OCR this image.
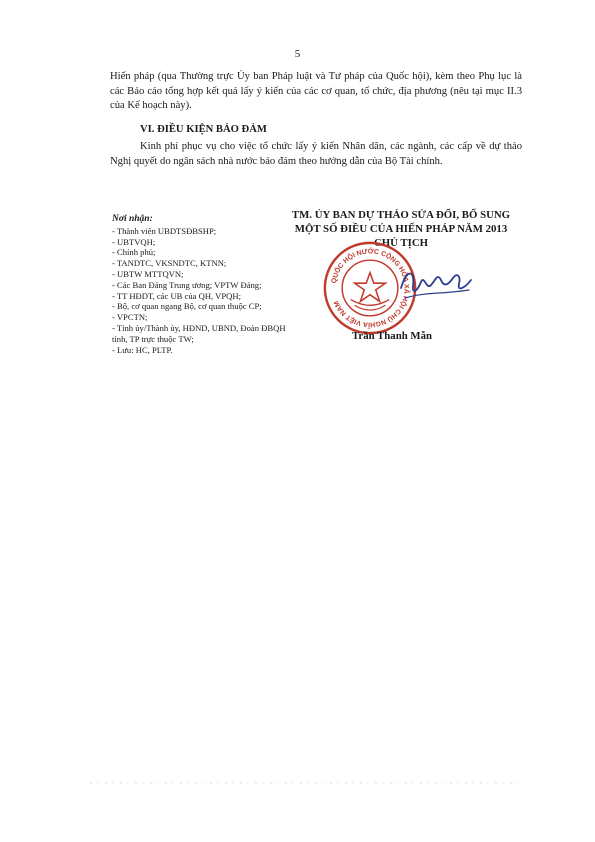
5
Hiến pháp (qua Thường trực Ủy ban Pháp luật và Tư pháp của Quốc hội), kèm theo Phụ lục là các Báo cáo tổng hợp kết quả lấy ý kiến của các cơ quan, tổ chức, địa phương (nêu tại mục II.3 của Kế hoạch này).
VI. ĐIỀU KIỆN BẢO ĐẢM
Kinh phí phục vụ cho việc tổ chức lấy ý kiến Nhân dân, các ngành, các cấp về dự thảo Nghị quyết do ngân sách nhà nước bảo đảm theo hướng dẫn của Bộ Tài chính.
Nơi nhận:
- Thành viên UBDTSĐBSHP;
- UBTVQH;
- Chính phủ;
- TANDTC, VKSNDTC, KTNN;
- UBTW MTTQVN;
- Các Ban Đảng Trung ương; VPTW Đảng;
- TT HĐDT, các UB của QH, VPQH;
- Bộ, cơ quan ngang Bộ, cơ quan thuộc CP;
- VPCTN;
- Tỉnh ủy/Thành ủy, HĐND, UBND, Đoàn ĐBQH tỉnh, TP trực thuộc TW;
- Lưu: HC, PLTP.
TM. ỦY BAN DỰ THẢO SỬA ĐỔI, BỔ SUNG
MỘT SỐ ĐIỀU CỦA HIẾN PHÁP NĂM 2013
CHỦ TỊCH
QUỐC HỘI NƯỚC CỘNG HÒA XÃ HỘI CHỦ NGHĨA VIỆT NAM
Trần Thanh Mẫn
